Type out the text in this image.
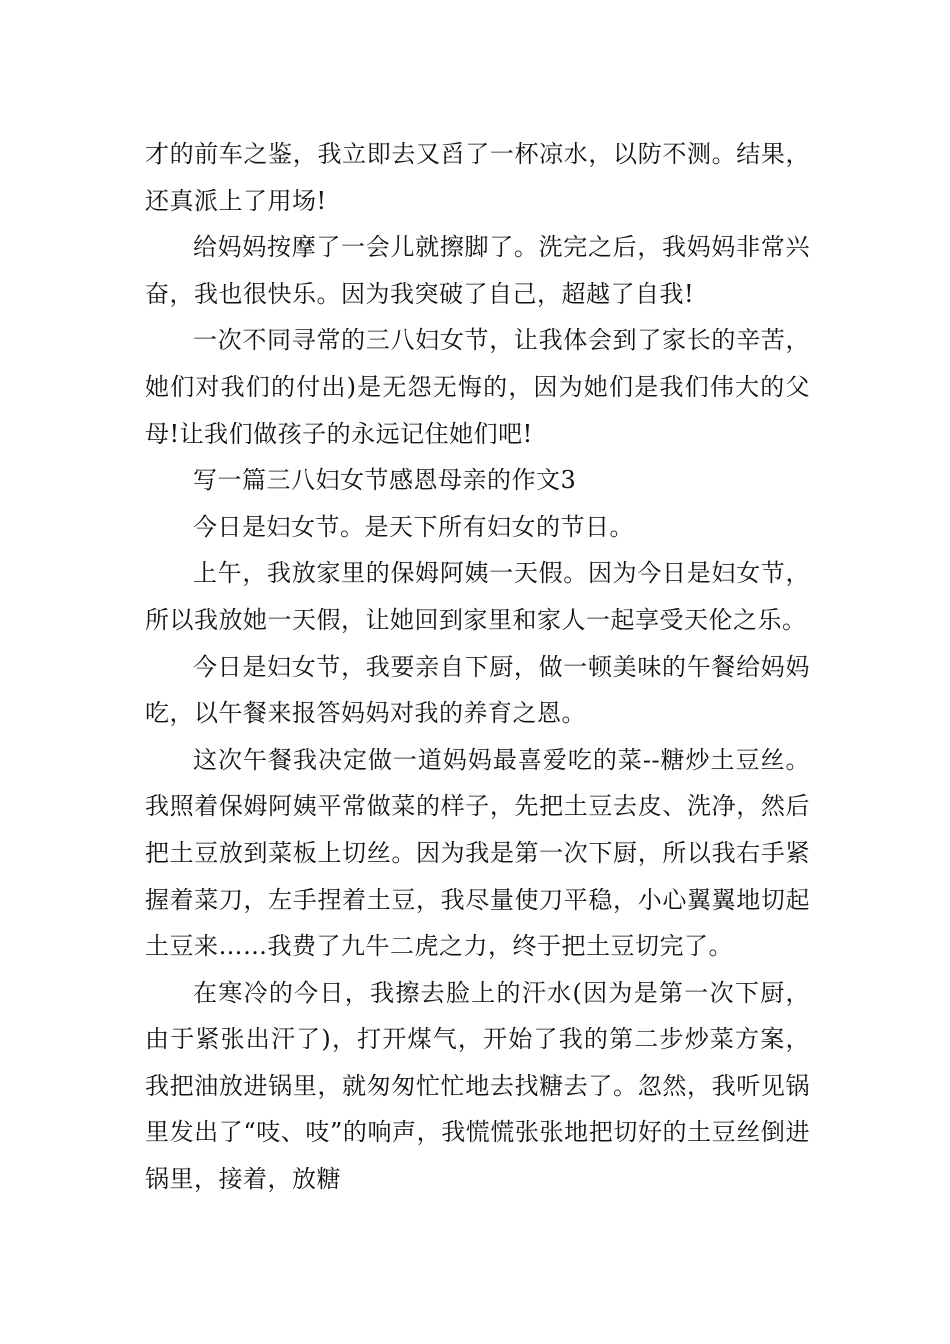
才的前车之鉴，我立即去又舀了一杯凉水，以防不测。结果，还真派上了用场!

给妈妈按摩了一会儿就擦脚了。洗完之后，我妈妈非常兴奋，我也很快乐。因为我突破了自己，超越了自我!

一次不同寻常的三八妇女节，让我体会到了家长的辛苦，她们对我们的付出)是无怨无悔的，因为她们是我们伟大的父母!让我们做孩子的永远记住她们吧!

写一篇三八妇女节感恩母亲的作文3

今日是妇女节。是天下所有妇女的节日。

上午，我放家里的保姆阿姨一天假。因为今日是妇女节，所以我放她一天假，让她回到家里和家人一起享受天伦之乐。

今日是妇女节，我要亲自下厨，做一顿美味的午餐给妈妈吃，以午餐来报答妈妈对我的养育之恩。

这次午餐我决定做一道妈妈最喜爱吃的菜--糖炒土豆丝。我照着保姆阿姨平常做菜的样子，先把土豆去皮、洗净，然后把土豆放到菜板上切丝。因为我是第一次下厨，所以我右手紧握着菜刀，左手捏着土豆，我尽量使刀平稳，小心翼翼地切起土豆来……我费了九牛二虎之力，终于把土豆切完了。

在寒冷的今日，我擦去脸上的汗水(因为是第一次下厨，由于紧张出汗了)，打开煤气，开始了我的第二步炒菜方案，我把油放进锅里，就匆匆忙忙地去找糖去了。忽然，我听见锅里发出了“吱、吱”的响声，我慌慌张张地把切好的土豆丝倒进锅里，接着，放糖
